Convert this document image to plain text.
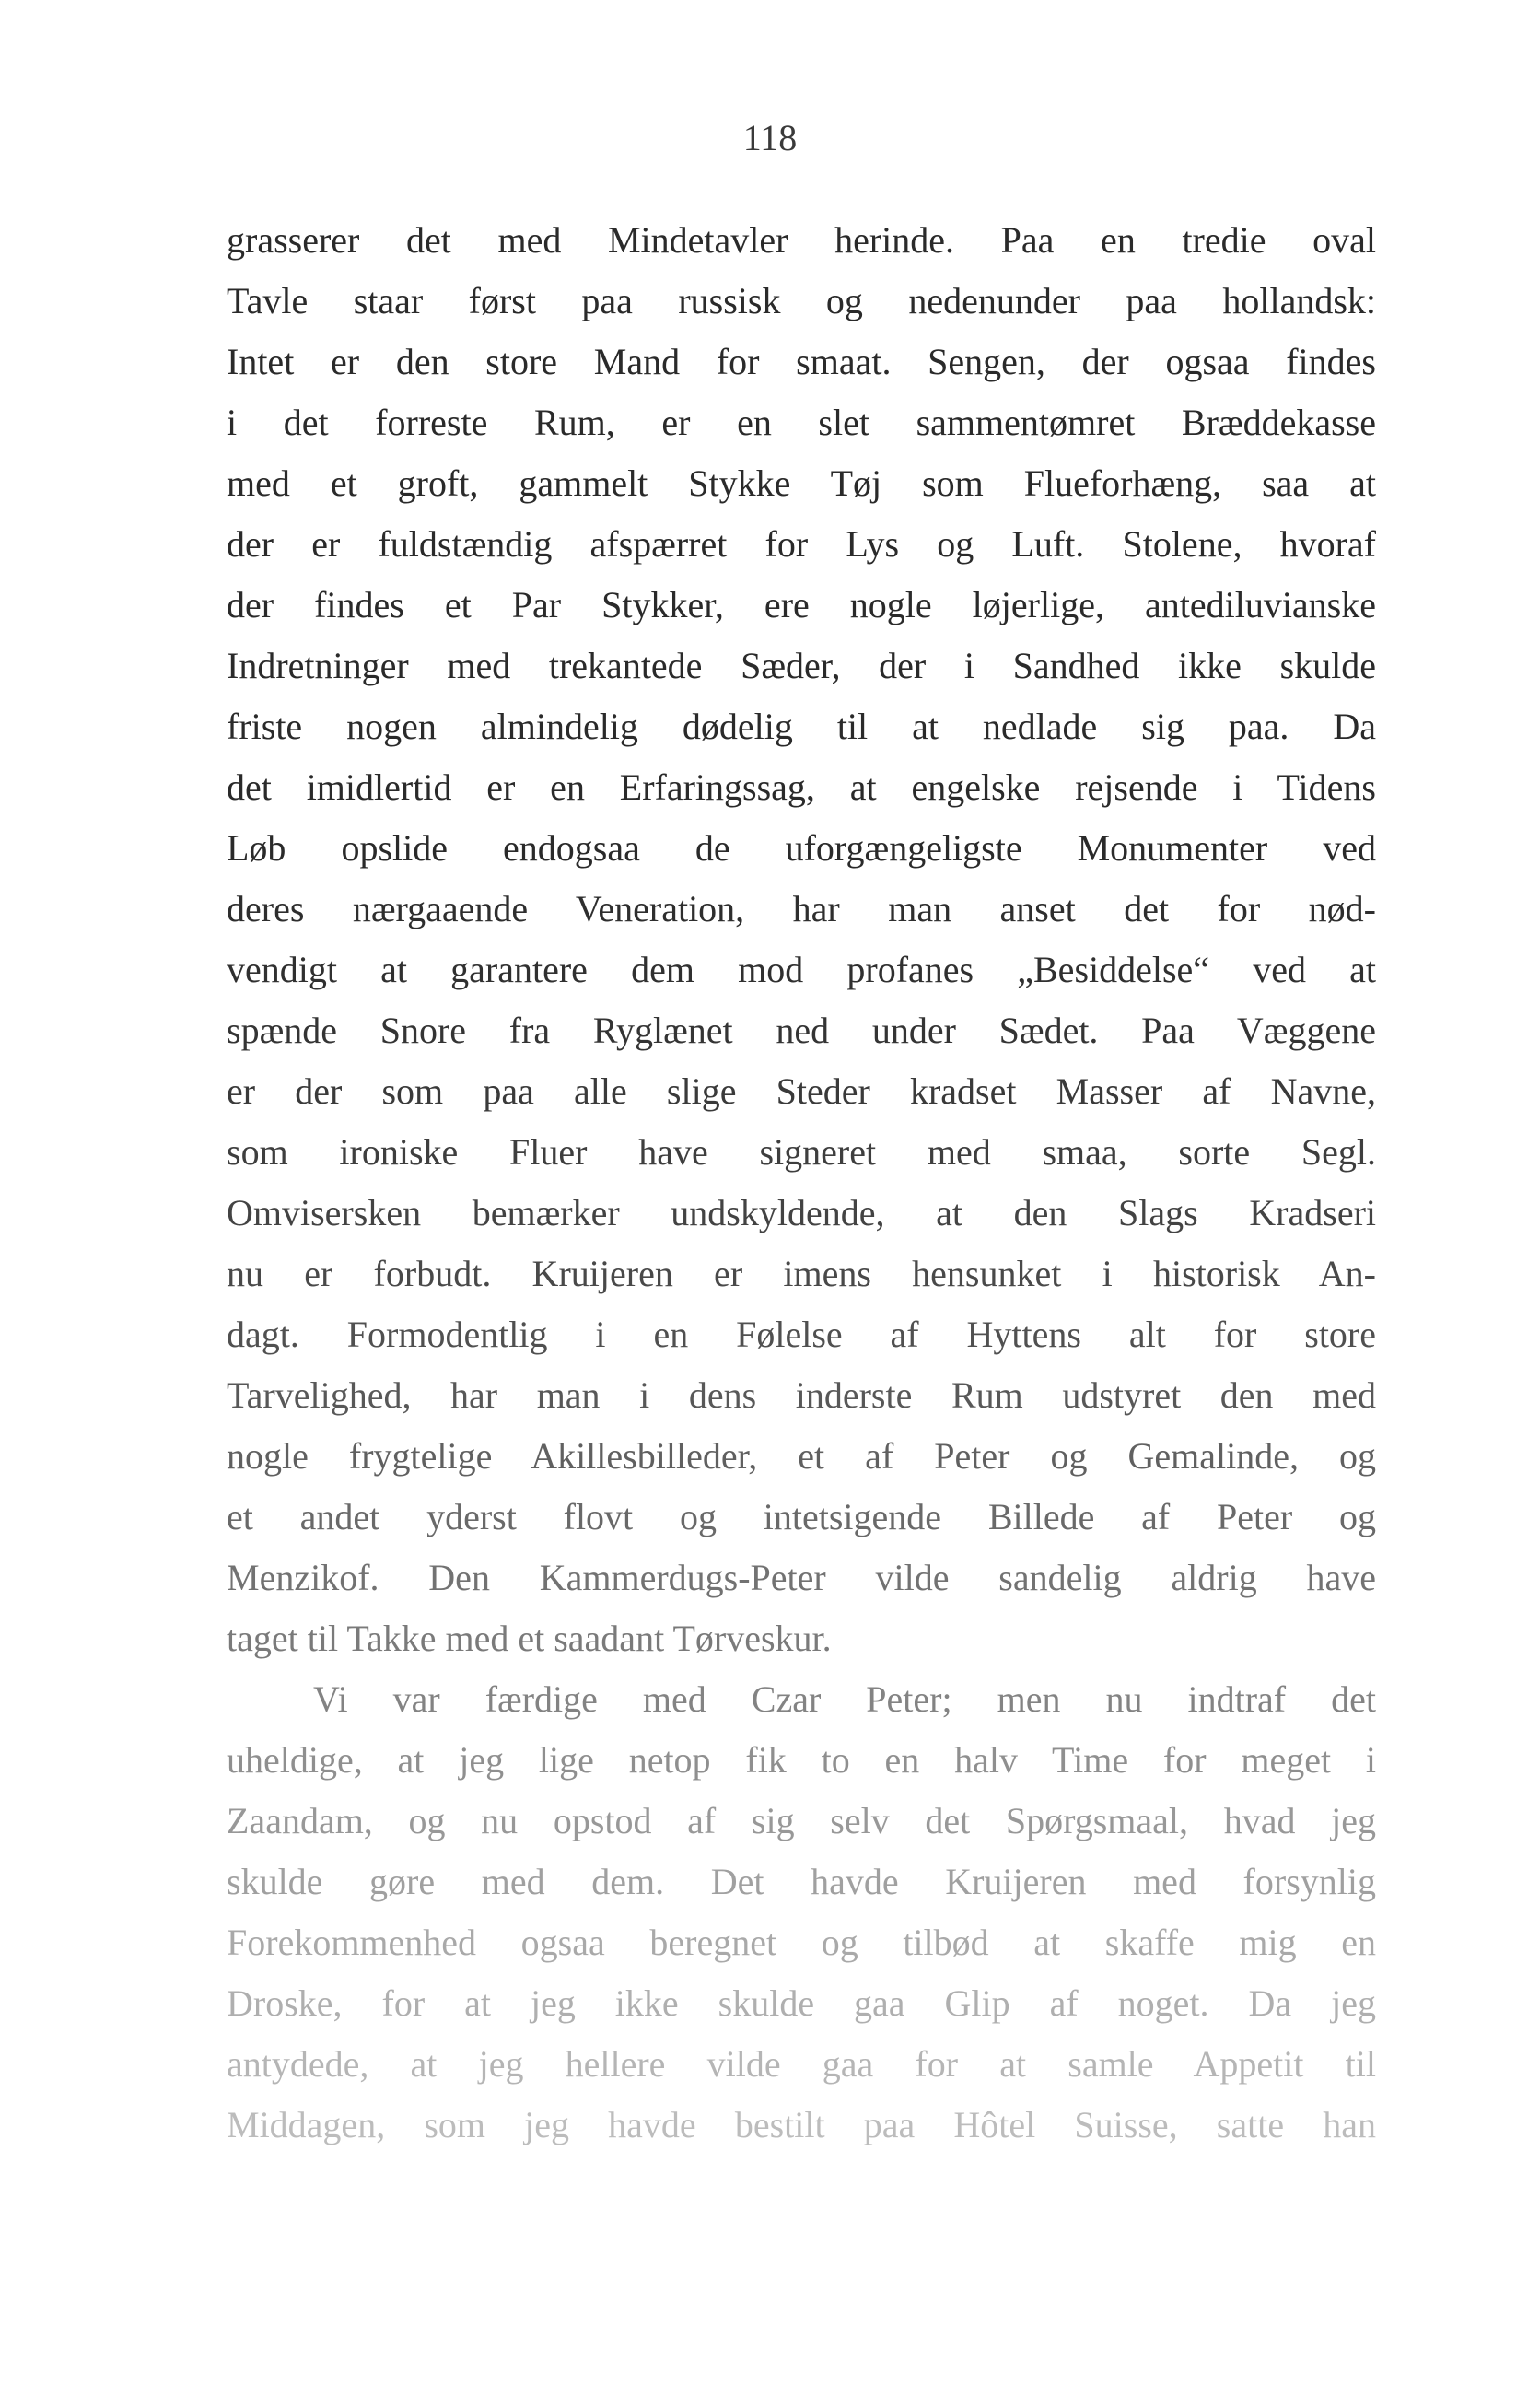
118
grasserer det med Mindetavler herinde. Paa en tredie oval
Tavle staar først paa russisk og nedenunder paa hollandsk:
Intet er den store Mand for smaat. Sengen, der ogsaa findes
i det forreste Rum, er en slet sammentømret Bræddekasse
med et groft, gammelt Stykke Tøj som Flueforhæng, saa at
der er fuldstændig afspærret for Lys og Luft. Stolene, hvoraf
der findes et Par Stykker, ere nogle løjerlige, antediluvianske
Indretninger med trekantede Sæder, der i Sandhed ikke skulde
friste nogen almindelig dødelig til at nedlade sig paa. Da
det imidlertid er en Erfaringssag, at engelske rejsende i Tidens
Løb opslide endogsaa de uforgængeligste Monumenter ved
deres nærgaaende Veneration, har man anset det for nød-
vendigt at garantere dem mod profanes „Besiddelse“ ved at
spænde Snore fra Ryglænet ned under Sædet. Paa Væggene
er der som paa alle slige Steder kradset Masser af Navne,
som ironiske Fluer have signeret med smaa, sorte Segl.
Omvisersken bemærker undskyldende, at den Slags Kradseri
nu er forbudt. Kruijeren er imens hensunket i historisk An-
dagt. Formodentlig i en Følelse af Hyttens alt for store
Tarvelighed, har man i dens inderste Rum udstyret den med
nogle frygtelige Akillesbilleder, et af Peter og Gemalinde, og
et andet yderst flovt og intetsigende Billede af Peter og
Menzikof. Den Kammerdugs-Peter vilde sandelig aldrig have
taget til Takke med et saadant Tørveskur.
Vi var færdige med Czar Peter; men nu indtraf det
uheldige, at jeg lige netop fik to en halv Time for meget i
Zaandam, og nu opstod af sig selv det Spørgsmaal, hvad jeg
skulde gøre med dem. Det havde Kruijeren med forsynlig
Forekommenhed ogsaa beregnet og tilbød at skaffe mig en
Droske, for at jeg ikke skulde gaa Glip af noget. Da jeg
antydede, at jeg hellere vilde gaa for at samle Appetit til
Middagen, som jeg havde bestilt paa Hôtel Suisse, satte han
